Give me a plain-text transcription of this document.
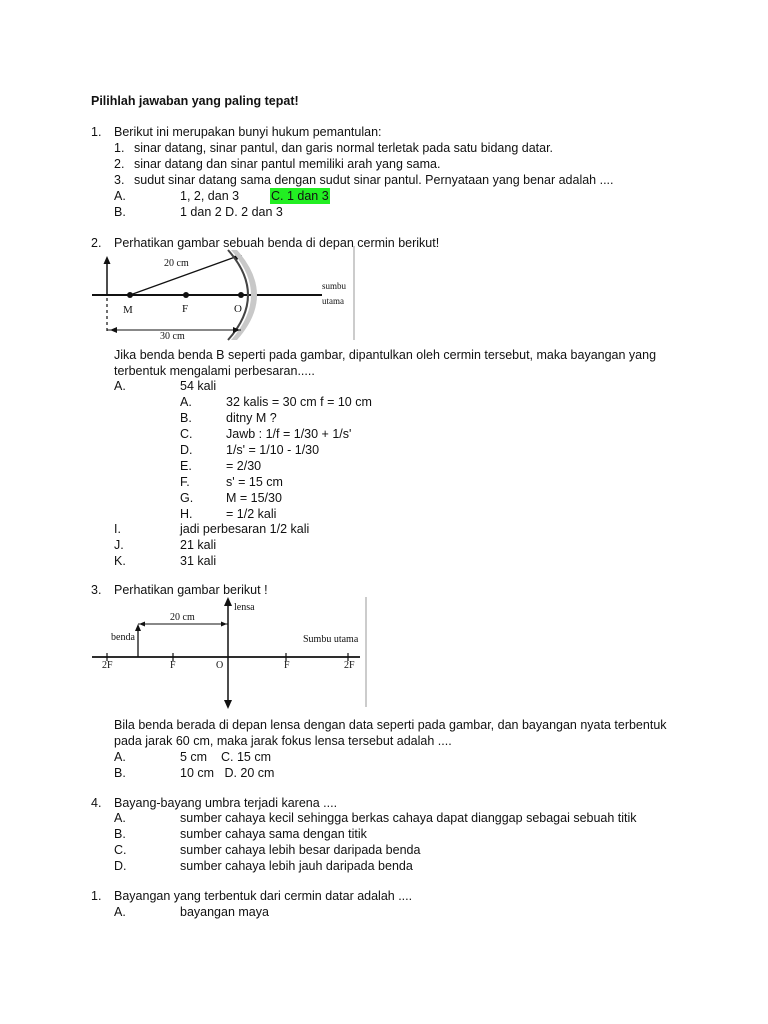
Pilihlah jawaban yang paling tepat!
1. Berikut ini merupakan bunyi hukum pemantulan:
1. sinar datang, sinar pantul, dan garis normal terletak pada satu bidang datar.
2. sinar datang dan sinar pantul memiliki arah yang sama.
3. sudut sinar datang sama dengan sudut sinar pantul. Pernyataan yang benar adalah ....
A.	1, 2, dan 3	C. 1 dan 3
B.	1 dan 2 D. 2 dan 3
2. Perhatikan gambar sebuah benda di depan cermin berikut!
20 cm
M	F	O
30 cm
sumbu
utama
Jika benda benda B seperti pada gambar, dipantulkan oleh cermin tersebut, maka bayangan yang
terbentuk mengalami perbesaran.....
A.	54 kali
A.	32 kalis = 30 cm f = 10 cm
B.	ditny M ?
C.	Jawb : 1/f = 1/30 + 1/s'
D.	1/s' = 1/10 - 1/30
E.	= 2/30
F.	s' = 15 cm
G.	M = 15/30
H.	= 1/2 kali
I.	jadi perbesaran 1/2 kali
J.	21 kali
K.	31 kali
3. Perhatikan gambar berikut !
lensa
20 cm
benda	Sumbu utama
2F	F	O	F	2F
Bila benda berada di depan lensa dengan data seperti pada gambar, dan bayangan nyata terbentuk
pada jarak 60 cm, maka jarak fokus lensa tersebut adalah ....
A.	5 cm    C. 15 cm
B.	10 cm   D. 20 cm
4. Bayang-bayang umbra terjadi karena ....
A.	sumber cahaya kecil sehingga berkas cahaya dapat dianggap sebagai sebuah titik
B.	sumber cahaya sama dengan titik
C.	sumber cahaya lebih besar daripada benda
D.	sumber cahaya lebih jauh daripada benda
1. Bayangan yang terbentuk dari cermin datar adalah ....
A.	bayangan maya
